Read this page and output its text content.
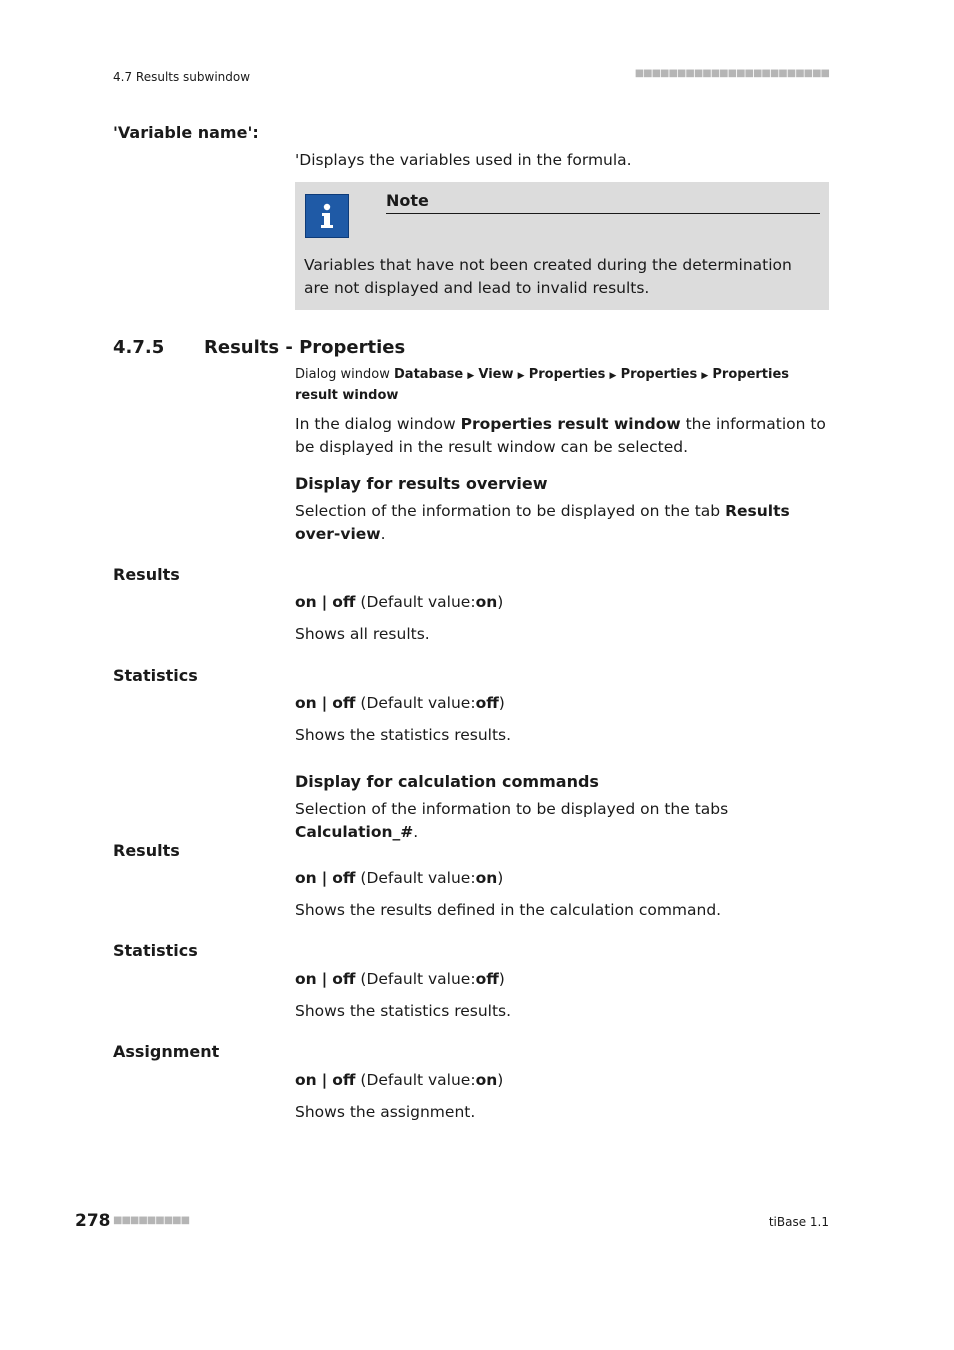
4.7 Results subwindow	■■■■■■■■■■■■■■■■■■■■■■■
'Variable name':
'Displays the variables used in the formula.
Note
Variables that have not been created during the determination are not displayed and lead to invalid results.
4.7.5 Results - Properties
Dialog window Database ▶ View ▶ Properties ▶ Properties ▶ Properties result window
In the dialog window Properties result window the information to be displayed in the result window can be selected.
Display for results overview
Selection of the information to be displayed on the tab Results over-view.
Results
on | off (Default value:on)
Shows all results.
Statistics
on | off (Default value:off)
Shows the statistics results.
Display for calculation commands
Selection of the information to be displayed on the tabs Calculation_#.
Results
on | off (Default value:on)
Shows the results defined in the calculation command.
Statistics
on | off (Default value:off)
Shows the statistics results.
Assignment
on | off (Default value:on)
Shows the assignment.
278 ■■■■■■■■■	tiBase 1.1
